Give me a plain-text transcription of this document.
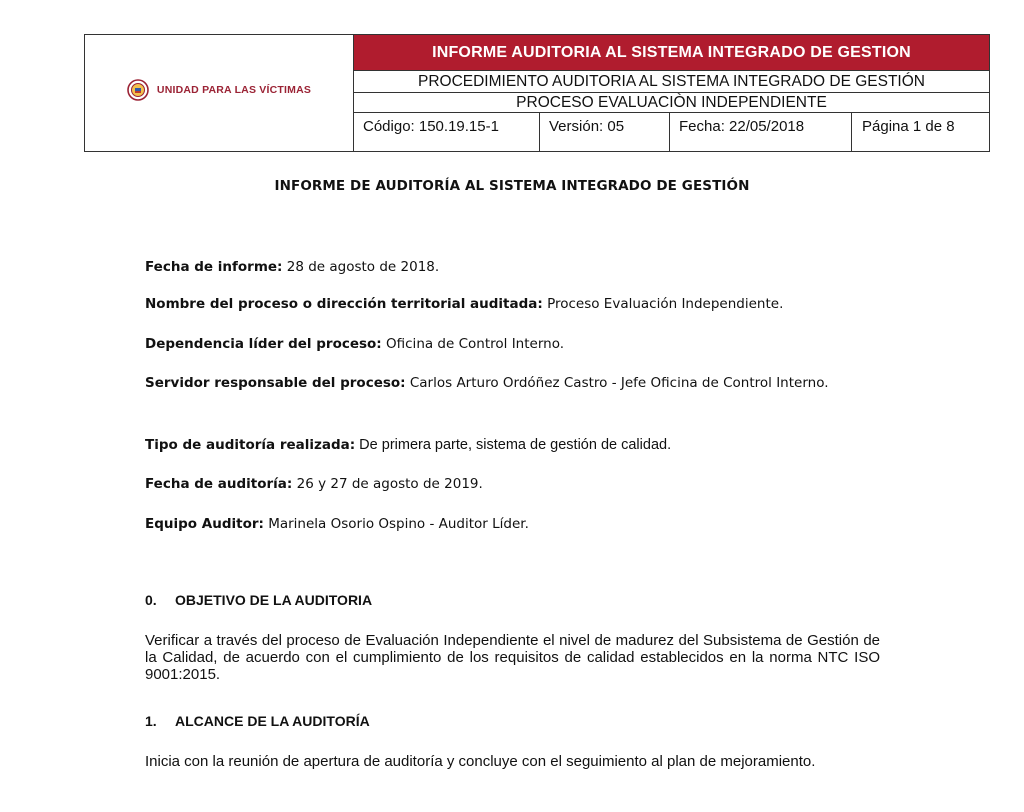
UNIDAD PARA LAS VÍCTIMAS
INFORME AUDITORIA AL SISTEMA INTEGRADO DE GESTION
PROCEDIMIENTO AUDITORIA AL SISTEMA INTEGRADO DE GESTIÓN
PROCESO EVALUACIÒN INDEPENDIENTE
Código: 150.19.15-1	Versión: 05	Fecha: 22/05/2018	Página 1 de 8
INFORME DE AUDITORÍA AL SISTEMA INTEGRADO DE GESTIÓN
Fecha de informe: 28 de agosto de 2018.
Nombre del proceso o dirección territorial auditada: Proceso Evaluación Independiente.
Dependencia líder del proceso: Oficina de Control Interno.
Servidor responsable del proceso: Carlos Arturo Ordóñez Castro - Jefe Oficina de Control Interno.
Tipo de auditoría realizada: De primera parte, sistema de gestión de calidad.
Fecha de auditoría: 26 y 27 de agosto de 2019.
Equipo Auditor: Marinela Osorio Ospino - Auditor Líder.
0. OBJETIVO DE LA AUDITORIA
Verificar a través del proceso de Evaluación Independiente el nivel de madurez del Subsistema de Gestión de la Calidad, de acuerdo con el cumplimiento de los requisitos de calidad establecidos en la norma NTC ISO 9001:2015.
1. ALCANCE DE LA AUDITORÍA
Inicia con la reunión de apertura de auditoría y concluye con el seguimiento al plan de mejoramiento.
